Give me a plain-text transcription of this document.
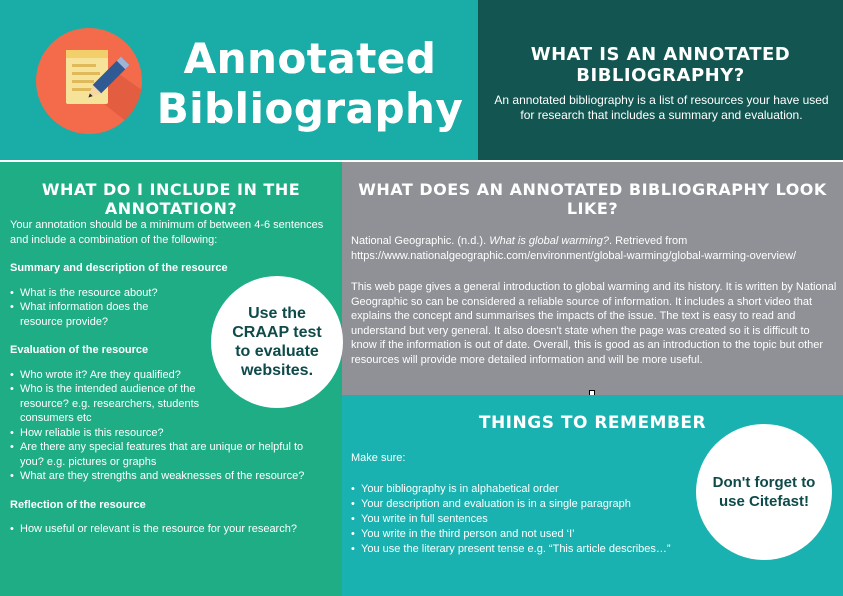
Annotated
Bibliography
WHAT IS AN ANNOTATED BIBLIOGRAPHY?
An annotated bibliography is a list of resources your have used for research that includes a summary and evaluation.
WHAT DO I INCLUDE IN THE ANNOTATION?

Your annotation should be a minimum of between 4-6 sentences and include a combination of the following:

Summary and description of the resource

• What is the resource about?
• What information does the resource provide?

Evaluation of the resource

• Who wrote it? Are they qualified?
• Who is the intended audience of the resource? e.g. researchers, students consumers etc
• How reliable is this resource?
• Are there any special features that are unique or helpful to you? e.g. pictures or graphs
• What are they strengths and weaknesses of the resource?

Reflection of the resource

• How useful or relevant is the resource for your research?
WHAT DOES AN ANNOTATED BIBLIOGRAPHY LOOK LIKE?

National Geographic. (n.d.). What is global warming?. Retrieved from https://www.nationalgeographic.com/environment/global-warming/global-warming-overview/

This web page gives a general introduction to global warming and its history. It is written by National Geographic so can be considered a reliable source of information. It includes a short video that explains the concept and summarises the impacts of the issue. The text is easy to read and understand but very general. It also doesn't state when the page was created so it is difficult to know if the information is out of date. Overall, this is good as an introduction to the topic but other resources will provide more detailed information and will be more useful.

THINGS TO REMEMBER

Make sure:

• Your bibliography is in alphabetical order
• Your description and evaluation is in a single paragraph
• You write in full sentences
• You write in the third person and not used ‘I’
• You use the literary present tense e.g. “This article describes…”
Use the CRAAP test to evaluate websites.
Don't forget to use Citefast!
